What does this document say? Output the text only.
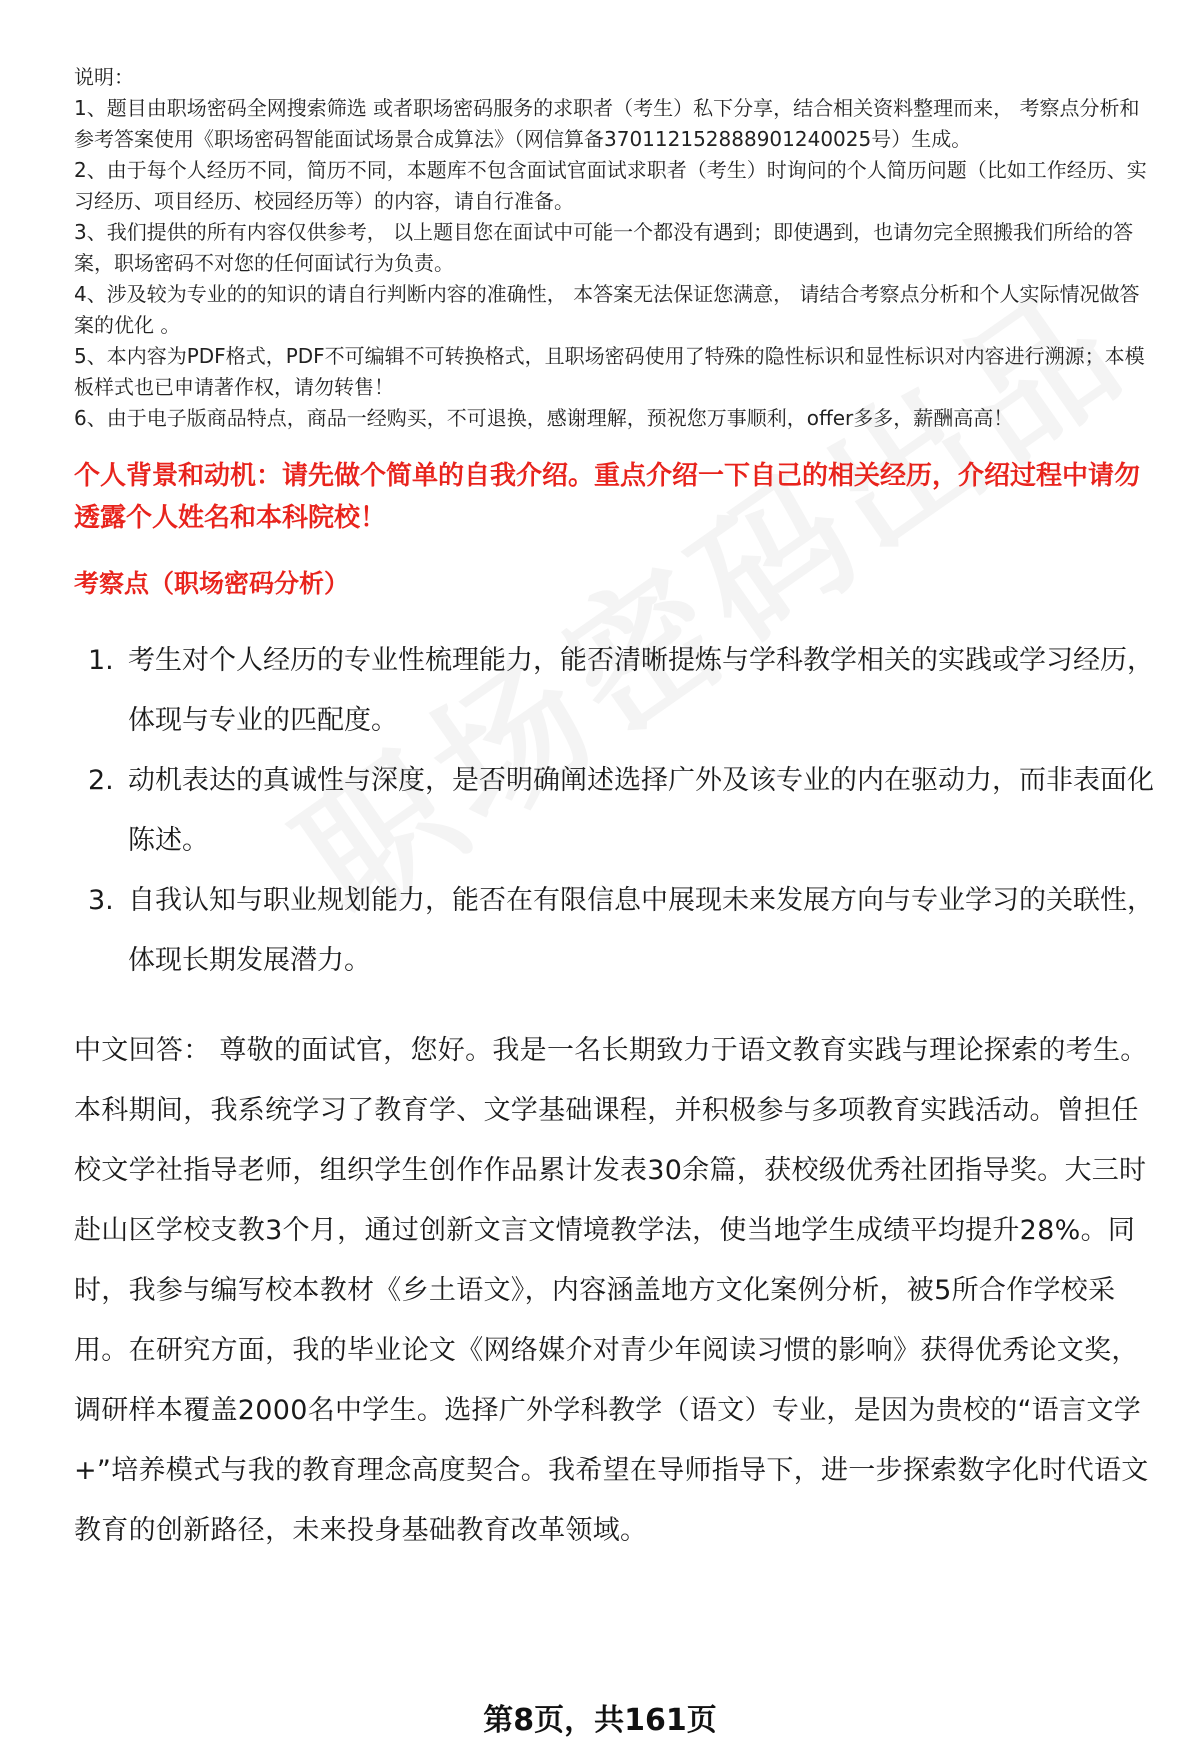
说明：

1、题目由职场密码全网搜索筛选 或者职场密码服务的求职者（考生）私下分享，结合相关资料整理而来， 考察点分析和参考答案使用《职场密码智能面试场景合成算法》（网信算备370112152888901240025号）生成。

2、由于每个人经历不同，简历不同，本题库不包含面试官面试求职者（考生）时询问的个人简历问题（比如工作经历、实习经历、项目经历、校园经历等）的内容，请自行准备。

3、我们提供的所有内容仅供参考， 以上题目您在面试中可能一个都没有遇到；即使遇到，也请勿完全照搬我们所给的答案，职场密码不对您的任何面试行为负责。

4、涉及较为专业的的知识的请自行判断内容的准确性， 本答案无法保证您满意， 请结合考察点分析和个人实际情况做答案的优化 。

5、本内容为PDF格式，PDF不可编辑不可转换格式，且职场密码使用了特殊的隐性标识和显性标识对内容进行溯源；本模板样式也已申请著作权，请勿转售！

6、由于电子版商品特点，商品一经购买，不可退换，感谢理解，预祝您万事顺利，offer多多，薪酬高高！

个人背景和动机：请先做个简单的自我介绍。重点介绍一下自己的相关经历，介绍过程中请勿透露个人姓名和本科院校！
考察点（职场密码分析）
1. 考生对个人经历的专业性梳理能力，能否清晰提炼与学科教学相关的实践或学习经历，体现与专业的匹配度。
2. 动机表达的真诚性与深度，是否明确阐述选择广外及该专业的内在驱动力，而非表面化陈述。
3. 自我认知与职业规划能力，能否在有限信息中展现未来发展方向与专业学习的关联性，体现长期发展潜力。
中文回答： 尊敬的面试官，您好。我是一名长期致力于语文教育实践与理论探索的考生。本科期间，我系统学习了教育学、文学基础课程，并积极参与多项教育实践活动。曾担任校文学社指导老师，组织学生创作作品累计发表30余篇，获校级优秀社团指导奖。大三时赴山区学校支教3个月，通过创新文言文情境教学法，使当地学生成绩平均提升28%。同时，我参与编写校本教材《乡土语文》，内容涵盖地方文化案例分析，被5所合作学校采用。在研究方面，我的毕业论文《网络媒介对青少年阅读习惯的影响》获得优秀论文奖，调研样本覆盖2000名中学生。选择广外学科教学（语文）专业，是因为贵校的“语言文学+”培养模式与我的教育理念高度契合。我希望在导师指导下，进一步探索数字化时代语文教育的创新路径，未来投身基础教育改革领域。
第8页，共161页
